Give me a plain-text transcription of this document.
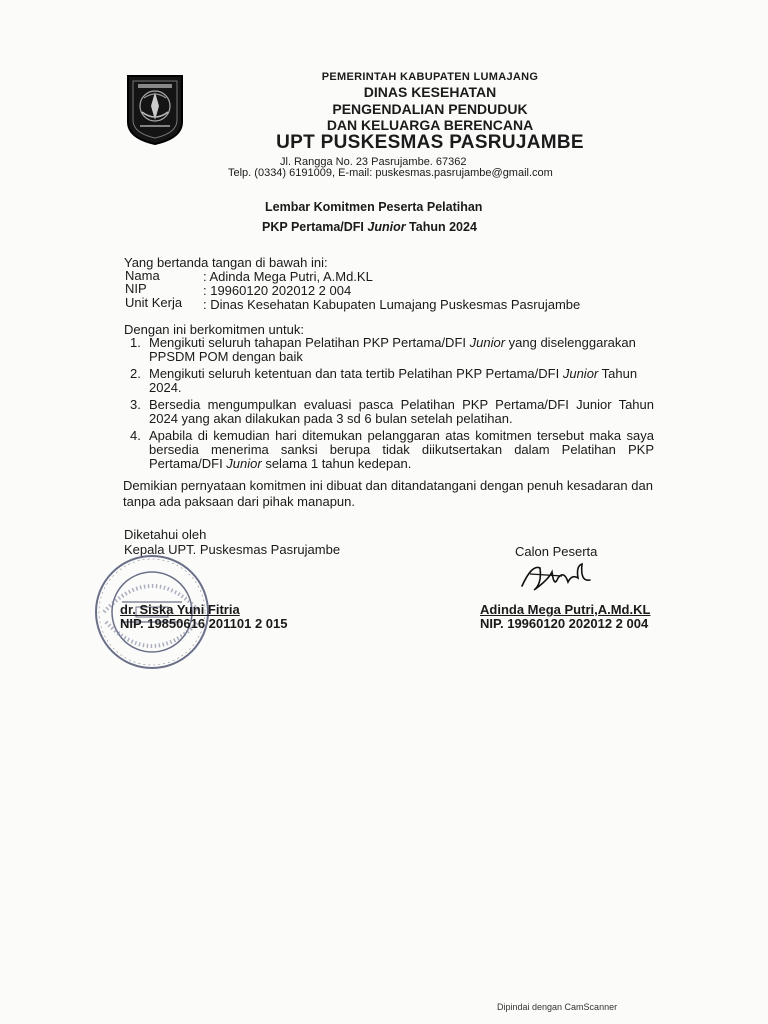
PEMERINTAH KABUPATEN LUMAJANG
DINAS KESEHATAN
PENGENDALIAN PENDUDUK
DAN KELUARGA BERENCANA
UPT PUSKESMAS PASRUJAMBE
Jl. Rangga No. 23 Pasrujambe. 67362
Telp. (0334) 6191009, E-mail: puskesmas.pasrujambe@gmail.com
Lembar Komitmen Peserta Pelatihan
PKP Pertama/DFI Junior Tahun 2024
Yang bertanda tangan di bawah ini:
Nama	: Adinda Mega Putri, A.Md.KL
NIP	: 19960120 202012 2 004
Unit Kerja : Dinas Kesehatan Kabupaten Lumajang Puskesmas Pasrujambe
Dengan ini berkomitmen untuk:
1. Mengikuti seluruh tahapan Pelatihan PKP Pertama/DFI Junior yang diselenggarakan PPSDM POM dengan baik
2. Mengikuti seluruh ketentuan dan tata tertib Pelatihan PKP Pertama/DFI Junior Tahun 2024.
3. Bersedia mengumpulkan evaluasi pasca Pelatihan PKP Pertama/DFI Junior Tahun 2024 yang akan dilakukan pada 3 sd 6 bulan setelah pelatihan.
4. Apabila di kemudian hari ditemukan pelanggaran atas komitmen tersebut maka saya bersedia menerima sanksi berupa tidak diikutsertakan dalam Pelatihan PKP Pertama/DFI Junior selama 1 tahun kedepan.
Demikian pernyataan komitmen ini dibuat dan ditandatangani dengan penuh kesadaran dan tanpa ada paksaan dari pihak manapun.
Diketahui oleh
Kepala UPT. Puskesmas Pasrujambe
dr. Siska Yuni Fitria
NIP. 19850616 201101 2 015
Calon Peserta
Adinda Mega Putri,A.Md.KL
NIP. 19960120 202012 2 004
Dipindai dengan CamScanner
